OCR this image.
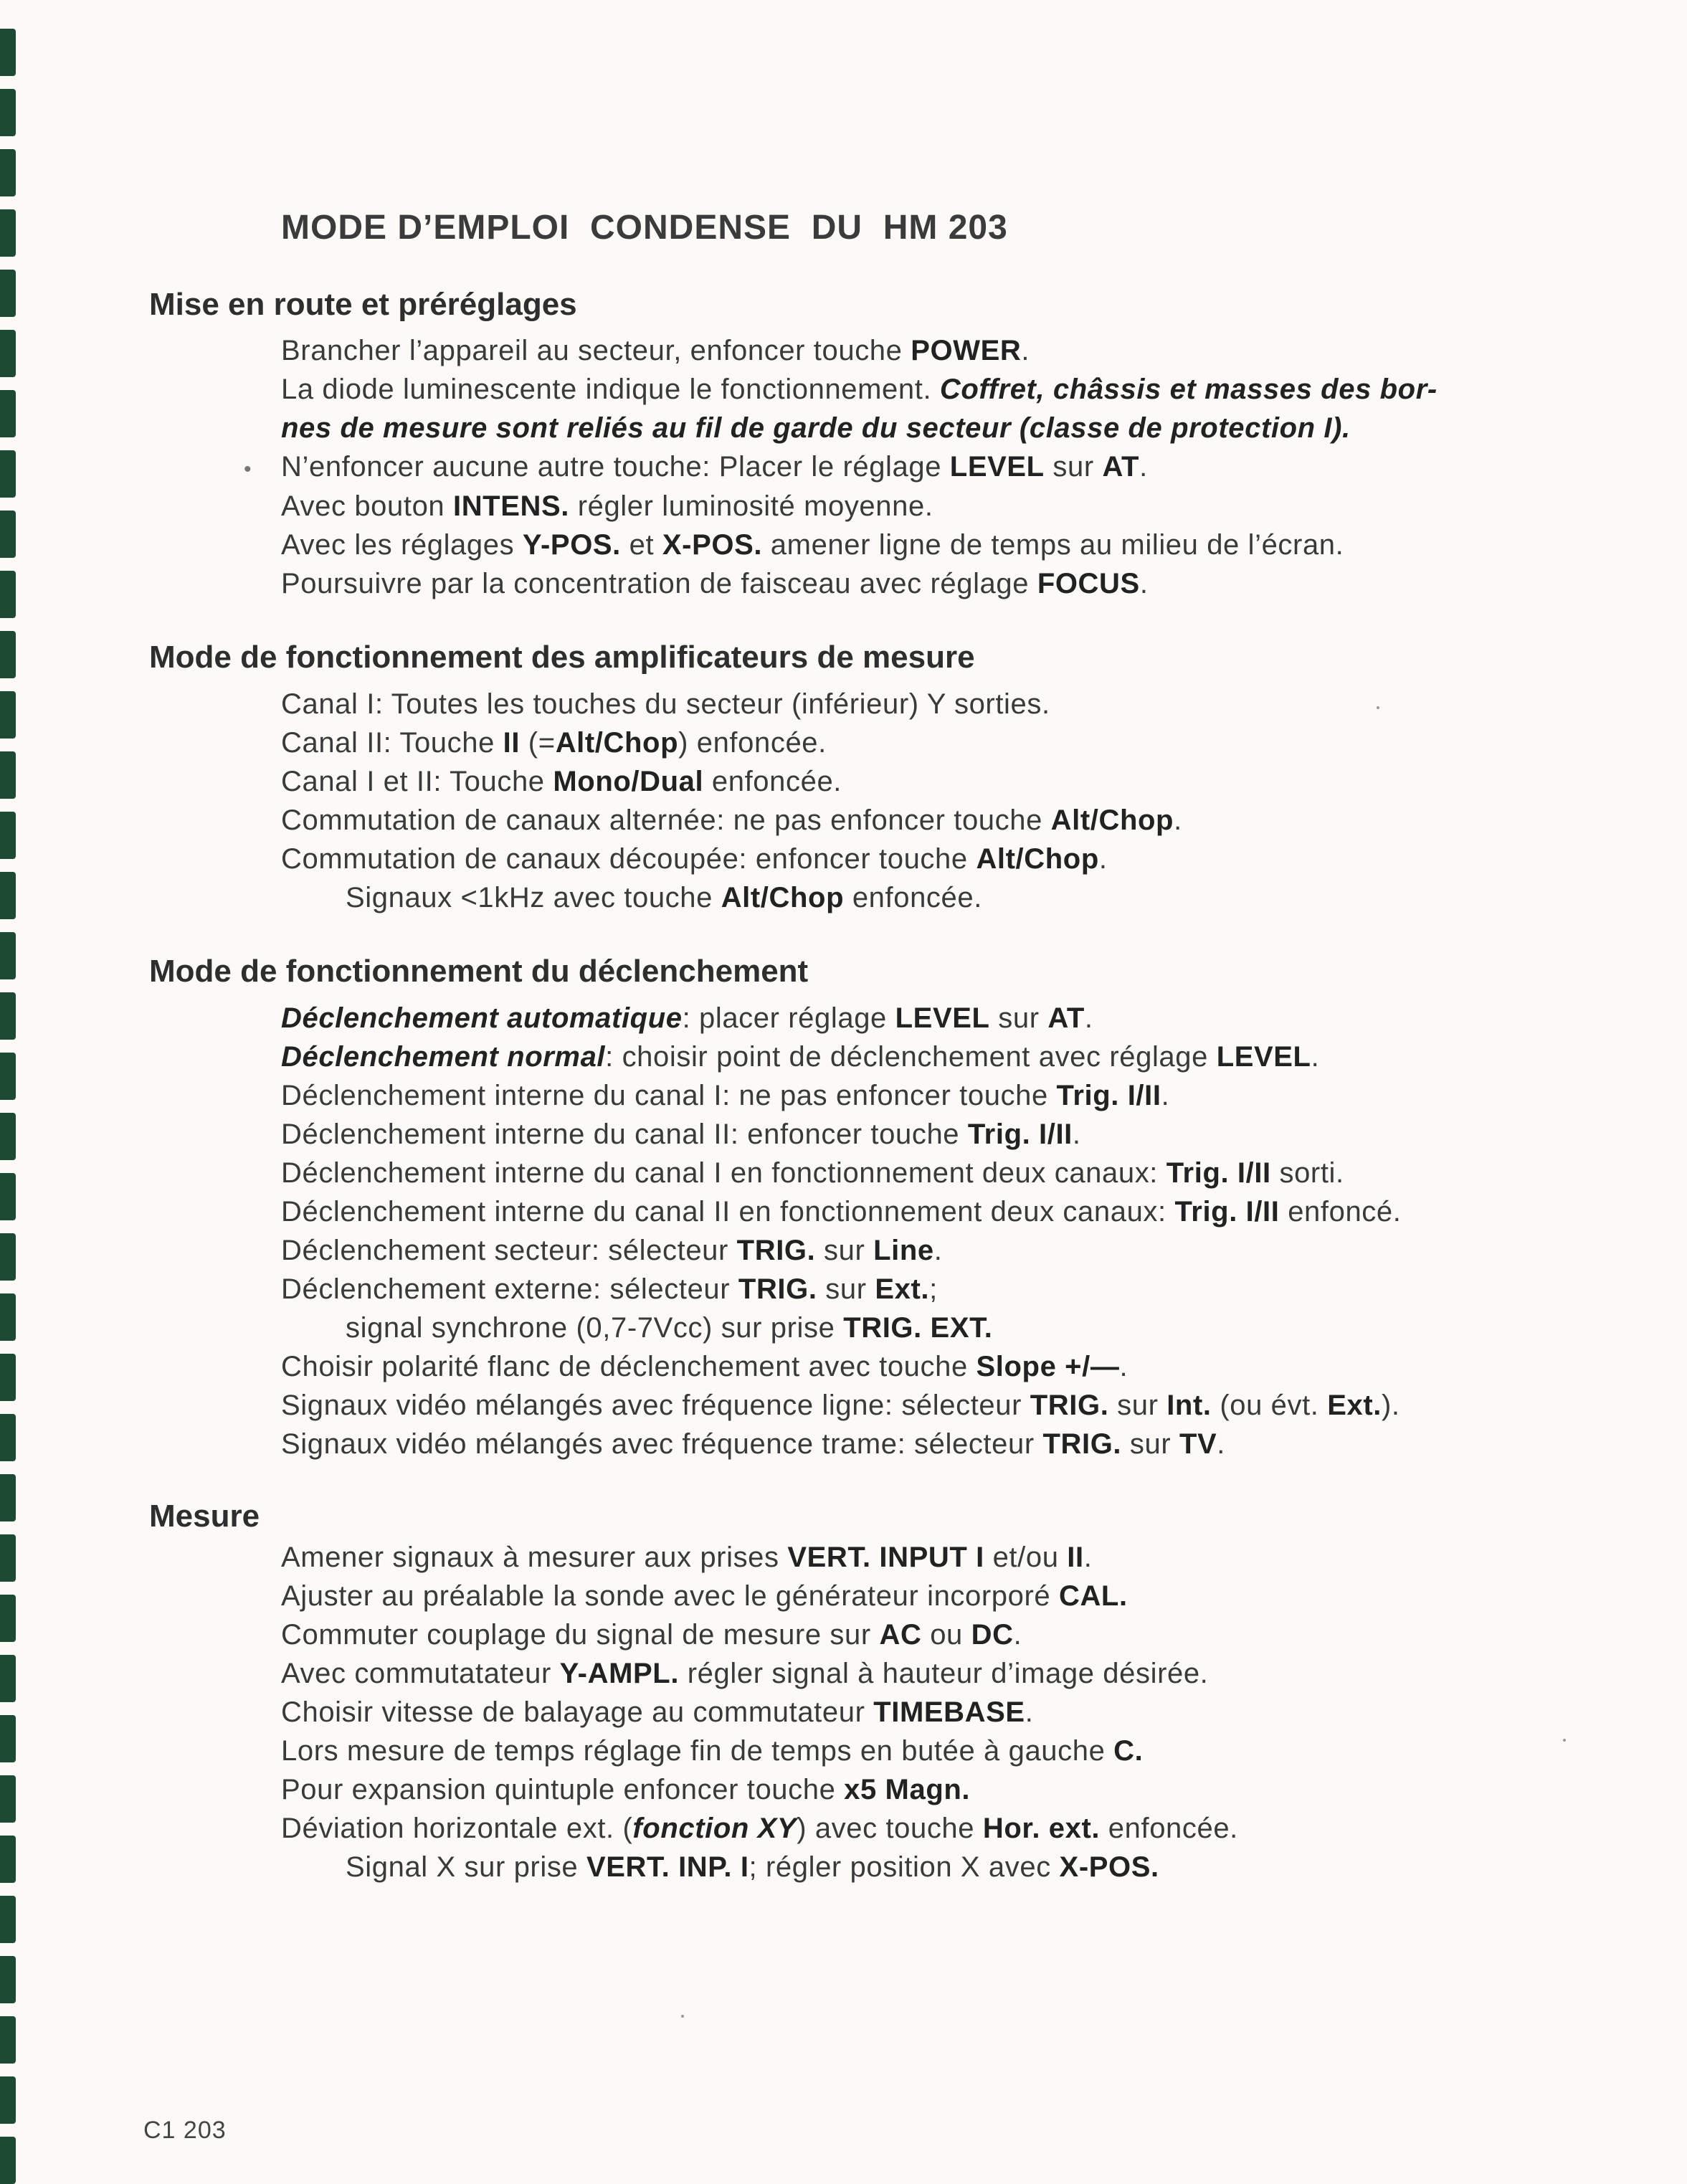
MODE D’EMPLOI  CONDENSE  DU  HM 203
Mise en route et préréglages
Brancher l’appareil au secteur, enfoncer touche POWER.
La diode luminescente indique le fonctionnement. Coffret, châssis et masses des bor-
nes de mesure sont reliés au fil de garde du secteur (classe de protection I).
N’enfoncer aucune autre touche: Placer le réglage LEVEL sur AT.
Avec bouton INTENS. régler luminosité moyenne.
Avec les réglages Y-POS. et X-POS. amener ligne de temps au milieu de l’écran.
Poursuivre par la concentration de faisceau avec réglage FOCUS.
Mode de fonctionnement des amplificateurs de mesure
Canal I: Toutes les touches du secteur (inférieur) Y sorties.
Canal II: Touche II (=Alt/Chop) enfoncée.
Canal I et II: Touche Mono/Dual enfoncée.
Commutation de canaux alternée: ne pas enfoncer touche Alt/Chop.
Commutation de canaux découpée: enfoncer touche Alt/Chop.
Signaux <1kHz avec touche Alt/Chop enfoncée.
Mode de fonctionnement du déclenchement
Déclenchement automatique: placer réglage LEVEL sur AT.
Déclenchement normal: choisir point de déclenchement avec réglage LEVEL.
Déclenchement interne du canal I: ne pas enfoncer touche Trig. I/II.
Déclenchement interne du canal II: enfoncer touche Trig. I/II.
Déclenchement interne du canal I en fonctionnement deux canaux: Trig. I/II sorti.
Déclenchement interne du canal II en fonctionnement deux canaux: Trig. I/II enfoncé.
Déclenchement secteur: sélecteur TRIG. sur Line.
Déclenchement externe: sélecteur TRIG. sur Ext.;
signal synchrone (0,7-7Vcc) sur prise TRIG. EXT.
Choisir polarité flanc de déclenchement avec touche Slope +/—.
Signaux vidéo mélangés avec fréquence ligne: sélecteur TRIG. sur Int. (ou évt. Ext.).
Signaux vidéo mélangés avec fréquence trame: sélecteur TRIG. sur TV.
Mesure
Amener signaux à mesurer aux prises VERT. INPUT I et/ou II.
Ajuster au préalable la sonde avec le générateur incorporé CAL.
Commuter couplage du signal de mesure sur AC ou DC.
Avec commutatateur Y-AMPL. régler signal à hauteur d’image désirée.
Choisir vitesse de balayage au commutateur TIMEBASE.
Lors mesure de temps réglage fin de temps en butée à gauche C.
Pour expansion quintuple enfoncer touche x5 Magn.
Déviation horizontale ext. (fonction XY) avec touche Hor. ext. enfoncée.
Signal X sur prise VERT. INP. I; régler position X avec X-POS.
•
C1 203
